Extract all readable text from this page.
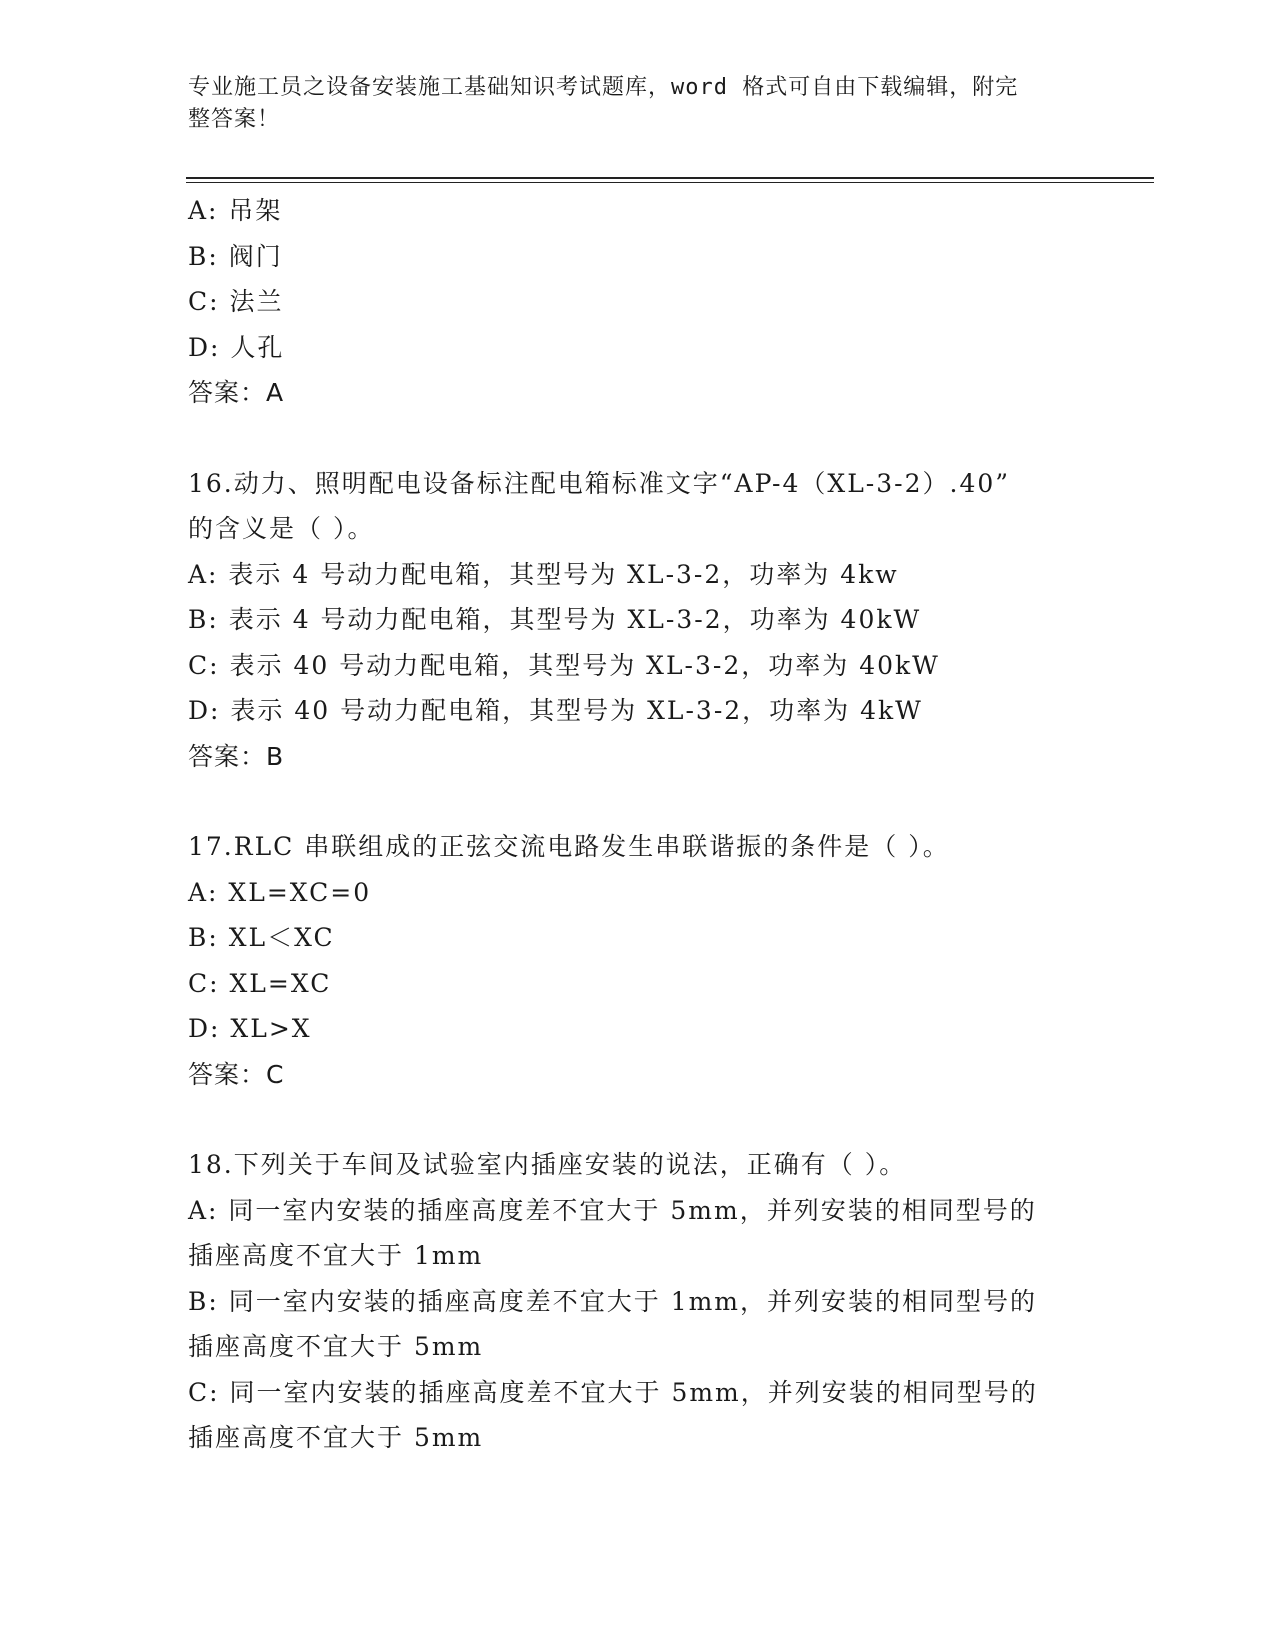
专业施工员之设备安装施工基础知识考试题库，word 格式可自由下载编辑，附完
整答案！
A: 吊架
B: 阀门
C: 法兰
D: 人孔
答案：A
16.动力、照明配电设备标注配电箱标准文字“AP-4（XL-3-2）.40”
的含义是（ ）。
A: 表示 4 号动力配电箱，其型号为 XL-3-2，功率为 4kw
B: 表示 4 号动力配电箱，其型号为 XL-3-2，功率为 40kW
C: 表示 40 号动力配电箱，其型号为 XL-3-2，功率为 40kW
D: 表示 40 号动力配电箱，其型号为 XL-3-2，功率为 4kW
答案：B
17.RLC 串联组成的正弦交流电路发生串联谐振的条件是（ ）。
A: XL=XC=0
B: XL＜XC
C: XL=XC
D: XL>X
答案：C
18.下列关于车间及试验室内插座安装的说法，正确有（ ）。
A: 同一室内安装的插座高度差不宜大于 5mm，并列安装的相同型号的
插座高度不宜大于 1mm
B: 同一室内安装的插座高度差不宜大于 1mm，并列安装的相同型号的
插座高度不宜大于 5mm
C: 同一室内安装的插座高度差不宜大于 5mm，并列安装的相同型号的
插座高度不宜大于 5mm
